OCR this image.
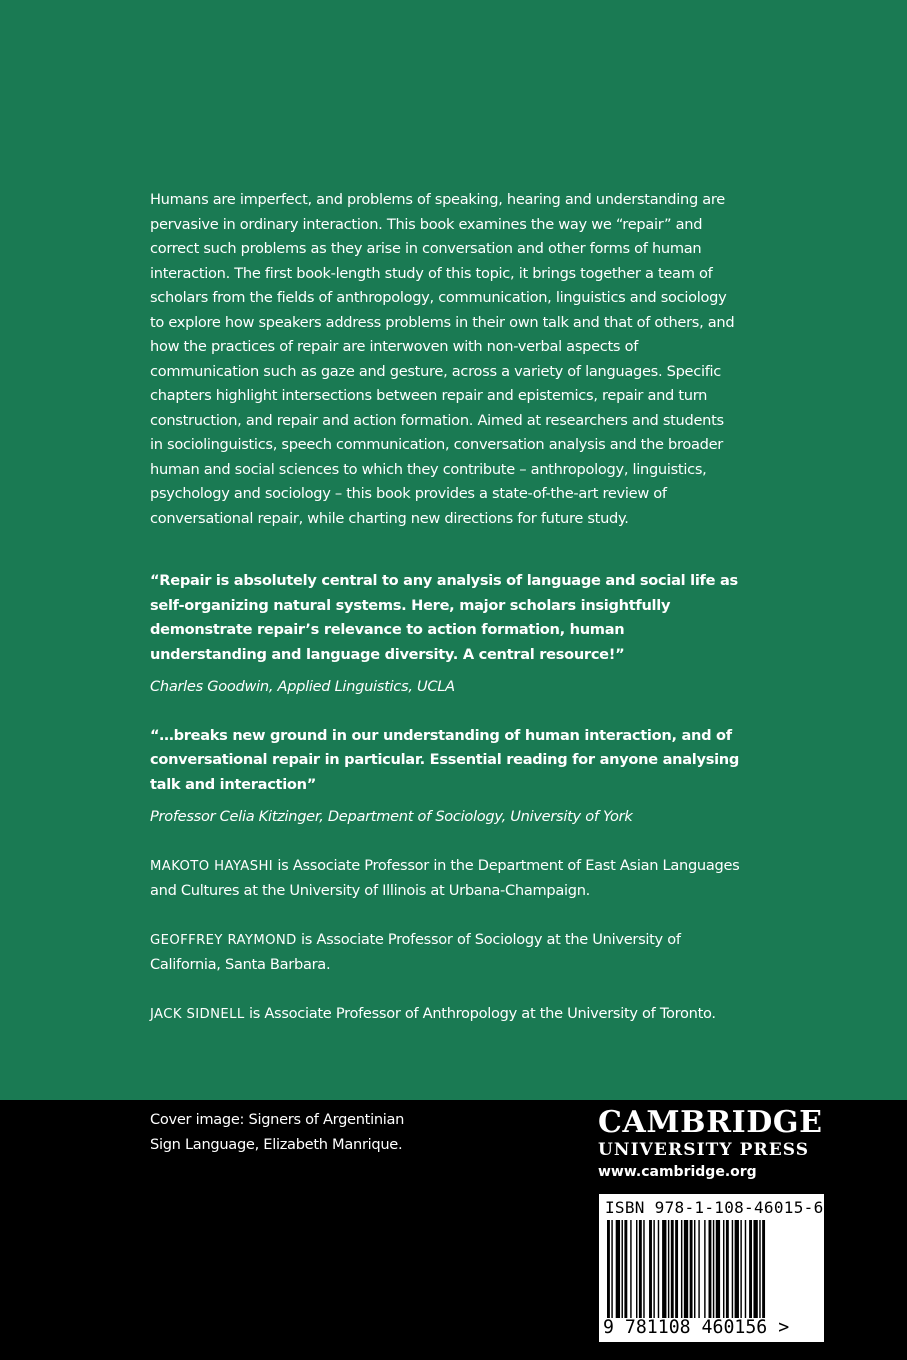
Humans are imperfect, and problems of speaking, hearing and understanding are pervasive in ordinary interaction. This book examines the way we “repair” and correct such problems as they arise in conversation and other forms of human interaction. The first book-length study of this topic, it brings together a team of scholars from the fields of anthropology, communication, linguistics and sociology to explore how speakers address problems in their own talk and that of others, and how the practices of repair are interwoven with non-verbal aspects of communication such as gaze and gesture, across a variety of languages. Specific chapters highlight intersections between repair and epistemics, repair and turn construction, and repair and action formation. Aimed at researchers and students in sociolinguistics, speech communication, conversation analysis and the broader human and social sciences to which they contribute – anthropology, linguistics, psychology and sociology – this book provides a state-of-the-art review of conversational repair, while charting new directions for future study.

“Repair is absolutely central to any analysis of language and social life as self-organizing natural systems. Here, major scholars insightfully demonstrate repair’s relevance to action formation, human understanding and language diversity. A central resource!”

Charles Goodwin, Applied Linguistics, UCLA

“…breaks new ground in our understanding of human interaction, and of conversational repair in particular. Essential reading for anyone analysing talk and interaction”

Professor Celia Kitzinger, Department of Sociology, University of York

MAKOTO HAYASHI is Associate Professor in the Department of East Asian Languages and Cultures at the University of Illinois at Urbana-Champaign.

GEOFFREY RAYMOND is Associate Professor of Sociology at the University of California, Santa Barbara.

JACK SIDNELL is Associate Professor of Anthropology at the University of Toronto.

Cover image: Signers of Argentinian Sign Language, Elizabeth Manrique.
CAMBRIDGE
UNIVERSITY PRESS
www.cambridge.org
ISBN 978-1-108-46015-6
9 781108 460156 >
